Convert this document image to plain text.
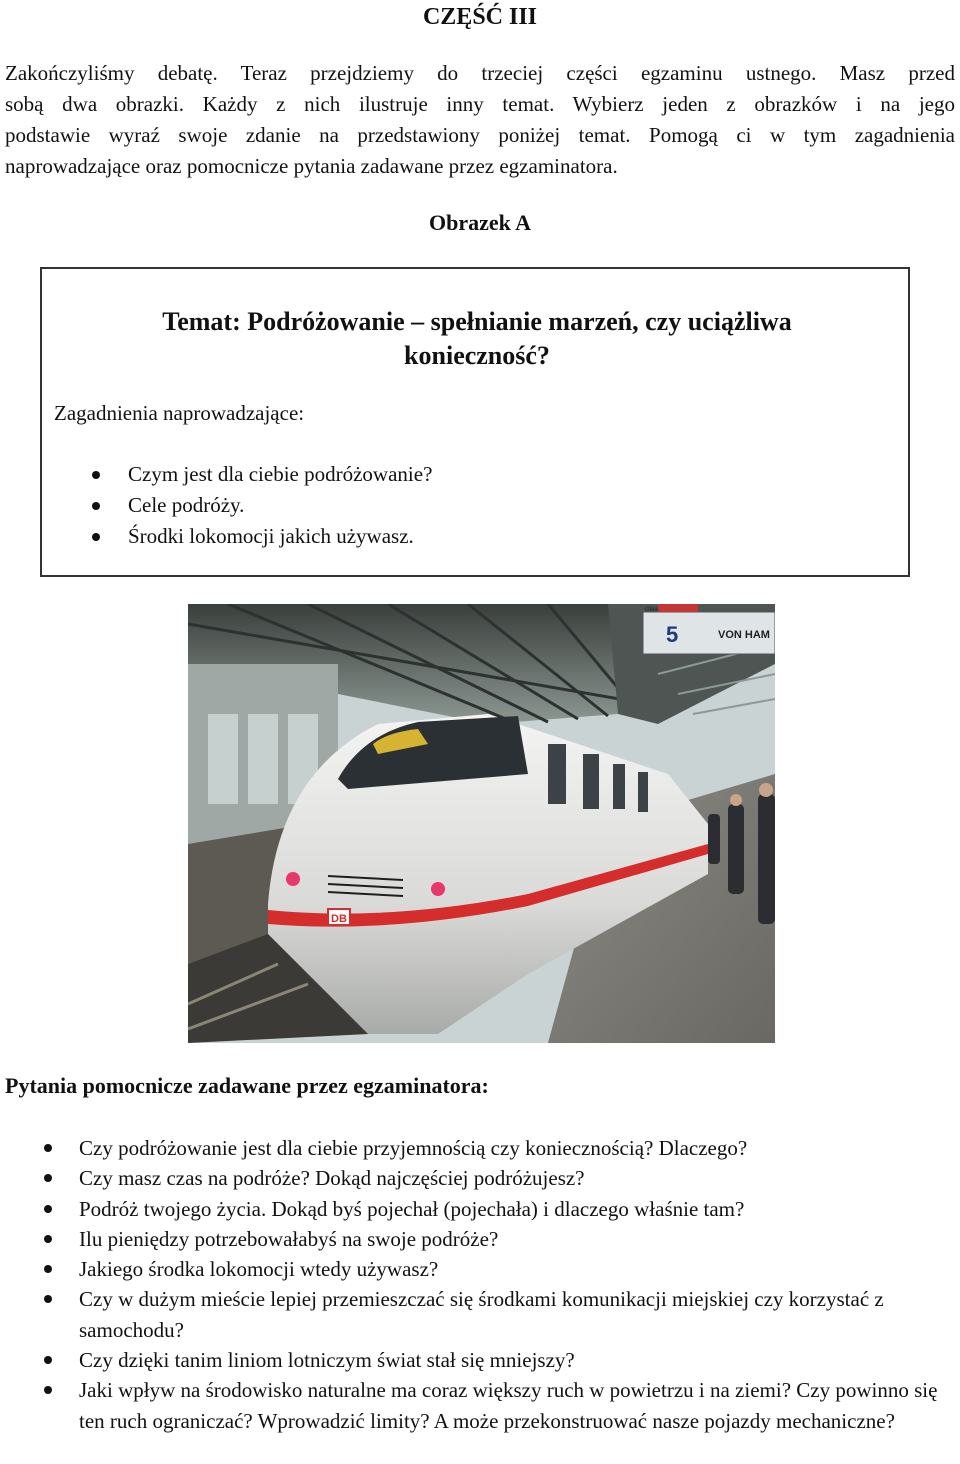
CZĘŚĆ III
Zakończyliśmy debatę. Teraz przejdziemy do trzeciej części egzaminu ustnego. Masz przed
sobą dwa obrazki. Każdy z nich ilustruje inny temat. Wybierz jeden z obrazków i na jego
podstawie wyraź swoje zdanie na przedstawiony poniżej temat. Pomogą ci w tym zagadnienia
naprowadzające oraz pomocnicze pytania zadawane przez egzaminatora.
Obrazek A
Temat: Podróżowanie – spełnianie marzeń, czy uciążliwa
konieczność?
Zagadnienia naprowadzające:
Czym jest dla ciebie podróżowanie?
Cele podróży.
Środki lokomocji jakich używasz.
5	VON HAM
Gleis
DB
Pytania pomocnicze zadawane przez egzaminatora:
Czy podróżowanie jest dla ciebie przyjemnością czy koniecznością? Dlaczego?
Czy masz czas na podróże? Dokąd najczęściej podróżujesz?
Podróż twojego życia. Dokąd byś pojechał (pojechała) i dlaczego właśnie tam?
Ilu pieniędzy potrzebowałabyś na swoje podróże?
Jakiego środka lokomocji wtedy używasz?
Czy w dużym mieście lepiej przemieszczać się środkami komunikacji miejskiej czy korzystać z samochodu?
Czy dzięki tanim liniom lotniczym świat stał się mniejszy?
Jaki wpływ na środowisko naturalne ma coraz większy ruch w powietrzu i na ziemi? Czy powinno się ten ruch ograniczać? Wprowadzić limity? A może przekonstruować nasze pojazdy mechaniczne?
